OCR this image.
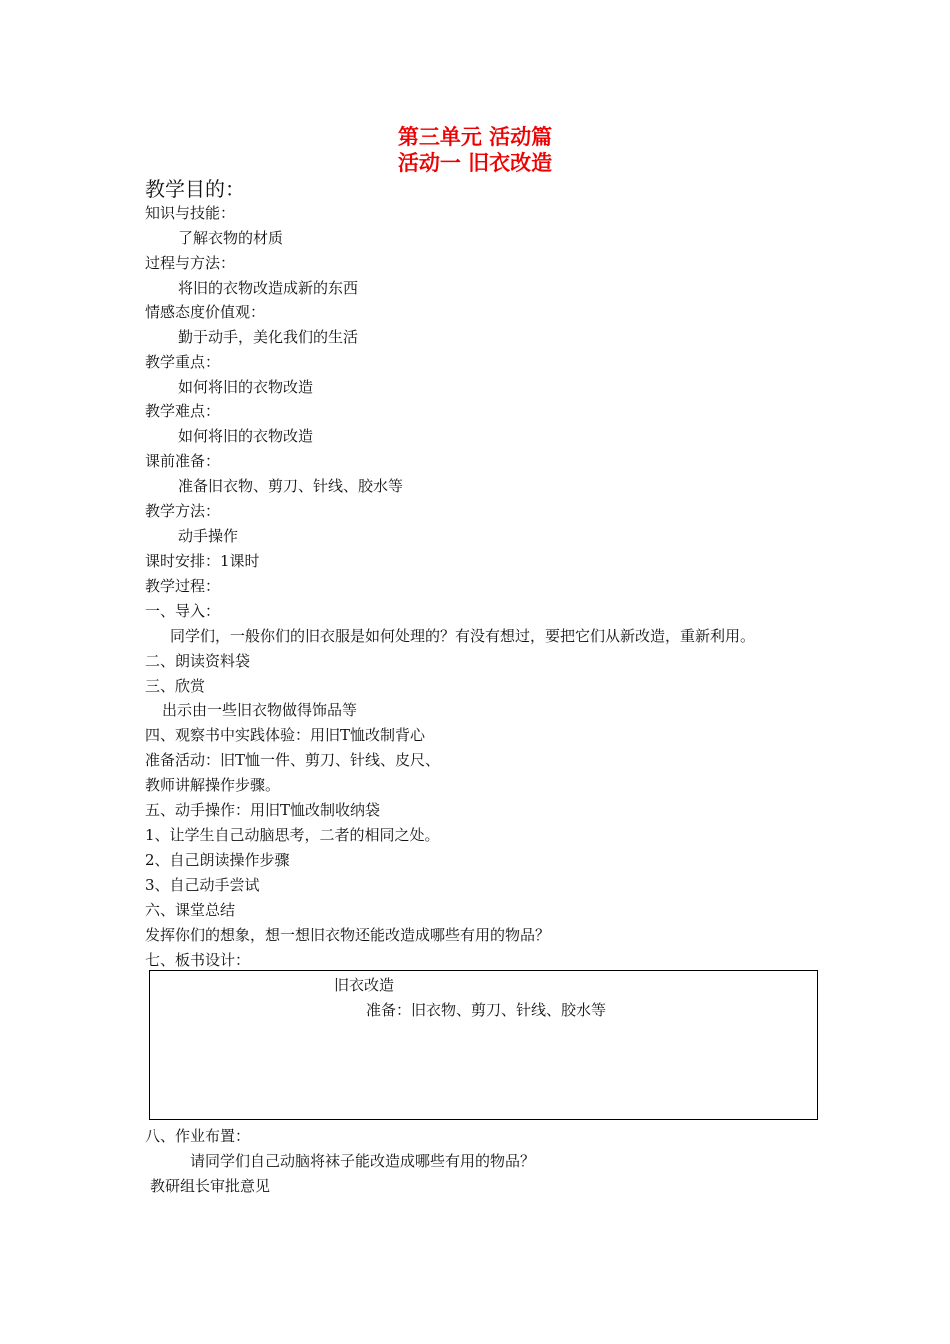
第三单元 活动篇
活动一 旧衣改造
教学目的：
知识与技能：
了解衣物的材质
过程与方法：
将旧的衣物改造成新的东西
情感态度价值观：
勤于动手，美化我们的生活
教学重点：
如何将旧的衣物改造
教学难点：
如何将旧的衣物改造
课前准备：
准备旧衣物、剪刀、针线、胶水等
教学方法：
动手操作
课时安排：1课时
教学过程：
一、导入：
同学们，一般你们的旧衣服是如何处理的？有没有想过，要把它们从新改造，重新利用。
二、朗读资料袋
三、欣赏
出示由一些旧衣物做得饰品等
四、观察书中实践体验：用旧T恤改制背心
准备活动：旧T恤一件、剪刀、针线、皮尺、
教师讲解操作步骤。
五、动手操作：用旧T恤改制收纳袋
1、让学生自己动脑思考，二者的相同之处。
2、自己朗读操作步骤
3、自己动手尝试
六、课堂总结
发挥你们的想象，想一想旧衣物还能改造成哪些有用的物品？
七、板书设计：
旧衣改造
准备：旧衣物、剪刀、针线、胶水等
八、作业布置：
请同学们自己动脑将袜子能改造成哪些有用的物品？
教研组长审批意见
